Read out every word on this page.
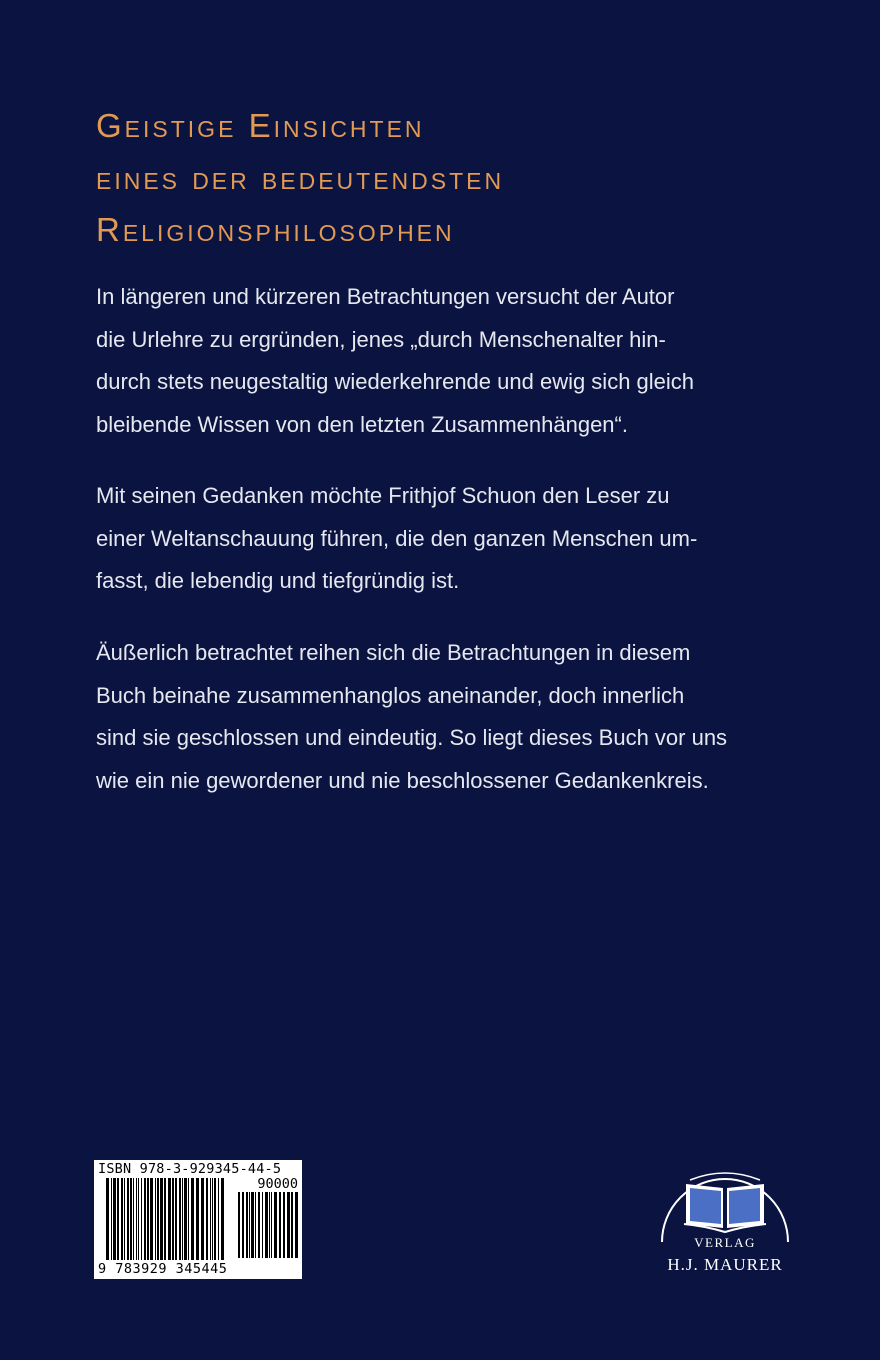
Geistige Einsichten
eines der bedeutendsten
Religionsphilosophen
In längeren und kürzeren Betrachtungen versucht der Autor
die Urlehre zu ergründen, jenes „durch Menschenalter hin-
durch stets neugestaltig wiederkehrende und ewig sich gleich
bleibende Wissen von den letzten Zusammenhängen“.
Mit seinen Gedanken möchte Frithjof Schuon den Leser zu
einer Weltanschauung führen, die den ganzen Menschen um-
fasst, die lebendig und tiefgründig ist.
Äußerlich betrachtet reihen sich die Betrachtungen in diesem
Buch beinahe zusammenhanglos aneinander, doch innerlich
sind sie geschlossen und eindeutig. So liegt dieses Buch vor uns
wie ein nie gewordener und nie beschlossener Gedankenkreis.
ISBN 978-3-929345-44-5
90000
9 783929 345445
VERLAG
H.J. MAURER
